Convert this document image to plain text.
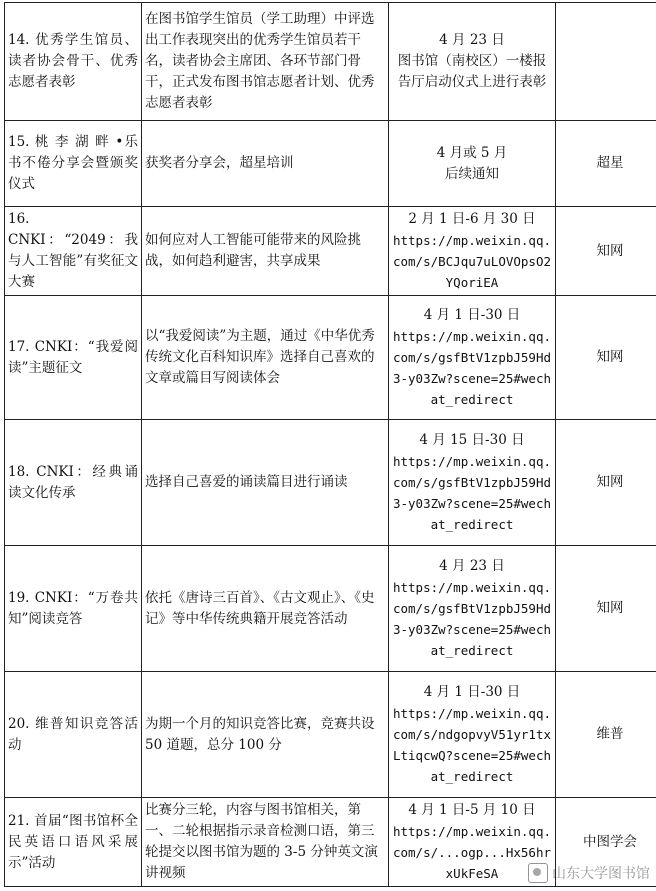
14. 优秀学生馆员、读者协会骨干、优秀志愿者表彰	在图书馆学生馆员（学工助理）中评选出工作表现突出的优秀学生馆员若干名，读者协会主席团、各环节部门骨干，正式发布图书馆志愿者计划、优秀志愿者表彰	4 月 23 日
图书馆（南校区）一楼报告厅启动仪式上进行表彰	

15. 桃 李 湖 畔 •乐书不倦分享会暨颁奖仪式	获奖者分享会，超星培训	4 月或 5 月
后续通知	超星
16. CNKI：“2049：我与人工智能”有奖征文大赛	如何应对人工智能可能带来的风险挑战，如何趋利避害，共享成果	2 月 1 日-6 月 30 日
https://mp.weixin.qq.com/s/BCJqu7uLOVOpsO2YQoriEA	知网
17. CNKI：“我爱阅读”主题征文	以“我爱阅读”为主题，通过《中华优秀传统文化百科知识库》选择自己喜欢的文章或篇目写阅读体会	4 月 1 日-30 日
https://mp.weixin.qq.com/s/gsfBtV1zpbJ59Hd3-y03Zw?scene=25#wechat_redirect	知网
18. CNKI：经典诵读文化传承	选择自己喜爱的诵读篇目进行诵读	4 月 15 日-30 日
https://mp.weixin.qq.com/s/gsfBtV1zpbJ59Hd3-y03Zw?scene=25#wechat_redirect	知网
19. CNKI：“万卷共知”阅读竞答	依托《唐诗三百首》、《古文观止》、《史记》等中华传统典籍开展竞答活动	4 月 23 日
https://mp.weixin.qq.com/s/gsfBtV1zpbJ59Hd3-y03Zw?scene=25#wechat_redirect	知网
20. 维普知识竞答活动	为期一个月的知识竞答比赛，竞赛共设 50 道题，总分 100 分	4 月 1 日-30 日
https://mp.weixin.qq.com/s/ndgopvyV51yr1txLtiqcwQ?scene=25#wechat_redirect	维普
21. 首届“图书馆杯全民英语口语风采展示”活动	比赛分三轮，内容与图书馆相关，第一、二轮根据指示录音检测口语，第三轮提交以图书馆为题的 3-5 分钟英文演讲视频	4 月 1 日-5 月 10 日
https://mp.weixin.qq.com/s/...ogp...Hx56hrxUkFeSA	中图学会
山东大学图书馆
